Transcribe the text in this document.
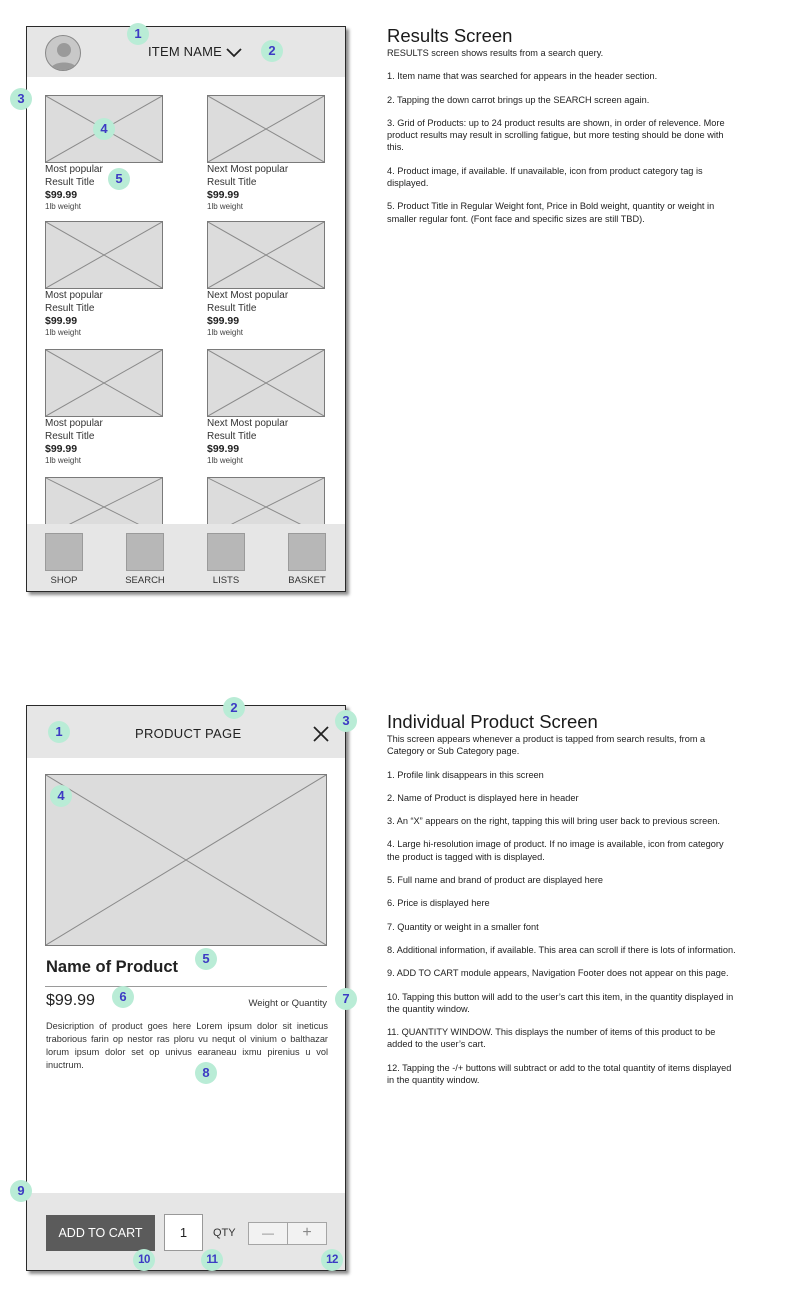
ITEM NAME
Most popular
Result Title
$99.99
1lb weight
Next Most popular
Result Title
$99.99
1lb weight
Most popular
Result Title
$99.99
1lb weight
Next Most popular
Result Title
$99.99
1lb weight
Most popular
Result Title
$99.99
1lb weight
Next Most popular
Result Title
$99.99
1lb weight
SHOP	SEARCH	LISTS	BASKET
1
2
3
4
5
Results Screen

RESULTS screen shows results from a search query.

1. Item name that was searched for appears in the header section.

2. Tapping the down carrot brings up the SEARCH screen again.

3. Grid of Products: up to 24 product results are shown, in order of relevence. More product results may result in scrolling fatigue, but more testing should be done with this.

4. Product image, if available. If unavailable, icon from product category tag is displayed.

5. Product Title in Regular Weight font, Price in Bold weight, quantity or weight in smaller regular font. (Font face and specific sizes are still TBD).

PRODUCT PAGE
Name of Product
$99.99	Weight or Quantity
Desicription of product goes here Lorem ipsum dolor sit ineticus traborious farin op nestor ras ploru vu nequt ol vinium o balthazar lorum ipsum dolor set op univus earaneau ixmu pirenius u vol inuctrum.
ADD TO CART	1	QTY	—	+
1
2
3
4
5
6	7
8
9
10	11	12
Individual Product Screen

This screen appears whenever a product is tapped from search results, from a Category or Sub Category page.

1. Profile link disappears in this screen

2. Name of Product is displayed here in header

3. An “X” appears on the right, tapping this will bring user back to previous screen.

4. Large hi-resolution image of product. If no image is available, icon from category the product is tagged with is displayed.

5. Full name and brand of product are displayed here

6. Price is displayed here

7. Quantity or weight in a smaller font

8. Additional information, if available. This area can scroll if there is lots of information.

9. ADD TO CART module appears, Navigation Footer does not appear on this page.

10. Tapping this button will add to the user’s cart this item, in the quantity displayed in the quantity window.

11. QUANTITY WINDOW. This displays the number of items of this product to be added to the user’s cart.

12. Tapping the -/+ buttons will subtract or add to the total quantity of items displayed in the quantity window.
